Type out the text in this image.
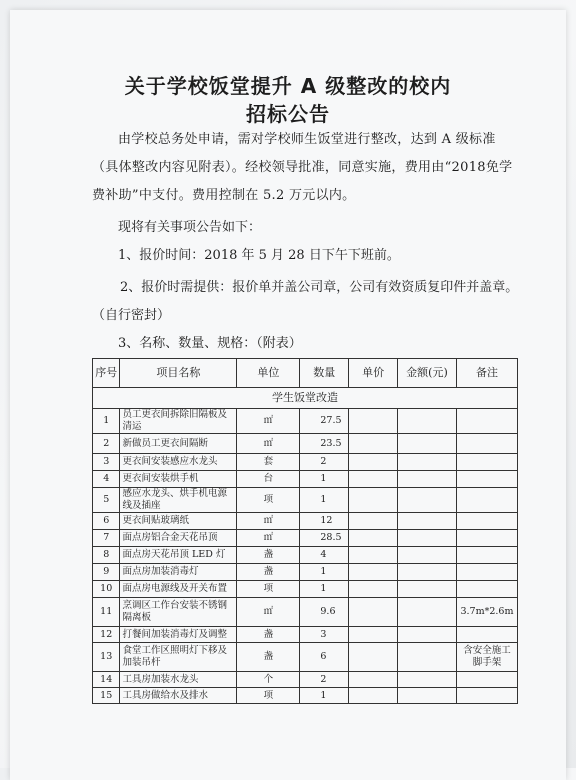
关于学校饭堂提升 A 级整改的校内
招标公告
由学校总务处申请，需对学校师生饭堂进行整改，达到 A 级标准（具体整改内容见附表）。经校领导批准，同意实施，费用由“2018免学费补助”中支付。费用控制在 5.2 万元以内。
现将有关事项公告如下：
1、报价时间：2018 年 5 月 28 日下午下班前。
2、报价时需提供：报价单并盖公司章，公司有效资质复印件并盖章。（自行密封）
3、名称、数量、规格：（附表）
序号	项目名称	单位	数量	单价	金额(元)	备注
学生饭堂改造						
1	员工更衣间拆除旧隔板及清运	㎡	27.5			
2	新做员工更衣间隔断	㎡	23.5			
3	更衣间安装感应水龙头	套	2			
4	更衣间安装烘手机	台	1			
5	感应水龙头、烘手机电源线及插座	项	1			
6	更衣间贴玻璃纸	㎡	12			
7	面点房铝合金天花吊顶	㎡	28.5			
8	面点房天花吊顶 LED 灯	盏	4			
9	面点房加装消毒灯	盏	1			
10	面点房电源线及开关布置	项	1			
11	烹调区工作台安装不锈钢隔离板	㎡	9.6			3.7m*2.6m
12	打餐间加装消毒灯及调整	盏	3			
13	食堂工作区照明灯下移及加装吊杆	盏	6			含安全施工脚手架
14	工具房加装水龙头	个	2			
15	工具房做给水及排水	项	1			
